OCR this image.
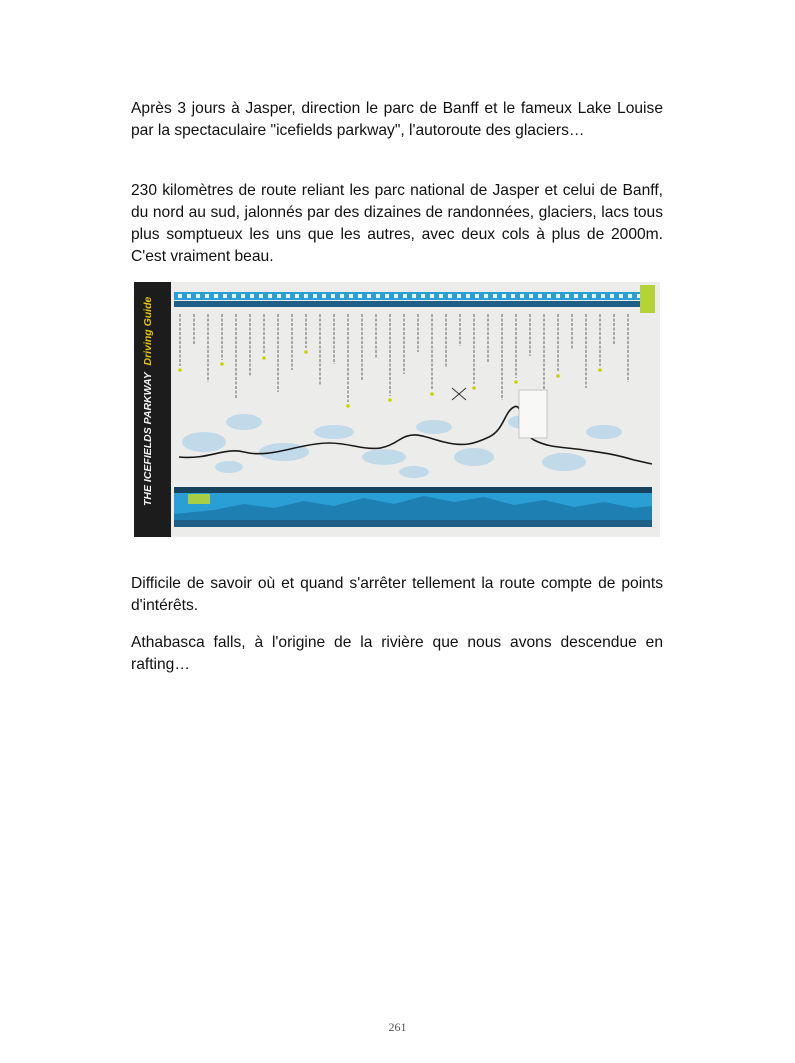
Après 3 jours à Jasper, direction le parc de Banff et le fameux Lake Louise par la spectaculaire "icefields parkway", l'autoroute des glaciers…

230 kilomètres de route reliant les parc national de Jasper et celui de Banff, du nord au sud, jalonnés par des dizaines de randonnées, glaciers, lacs tous plus somptueux les uns que les autres, avec deux cols à plus de 2000m. C'est vraiment beau.

THE ICEFIELDS PARKWAY Driving Guide

Difficile de savoir où et quand s'arrêter tellement la route compte de points d'intérêts.

Athabasca falls, à l'origine de la rivière que nous avons descendue en rafting…

261
